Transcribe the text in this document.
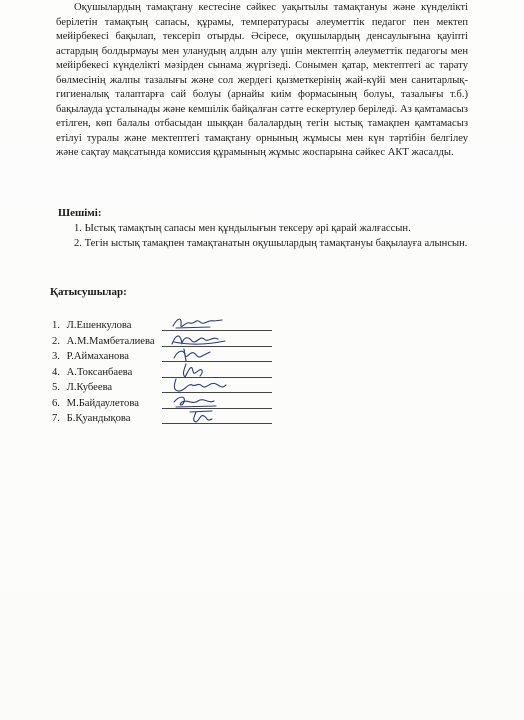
Оқушылардың тамақтану кестесіне сәйкес уақытылы тамақтануы және күнделікті берілетін тамақтың сапасы, құрамы, температурасы әлеуметтік педагог пен мектеп мейірбекесі бақылап, тексеріп отырды. Әсіресе, оқушылардың денсаулығына қауіпті астардың болдырмауы мен уланудың алдын алу үшін мектептің әлеуметтік педагогы мен мейірбекесі күнделікті мәзірден сынама жүргізеді. Сонымен қатар, мектептегі ас тарату бөлмесінің жалпы тазалығы және сол жердегі қызметкерінің жай-күйі мен санитарлық-гигиеналық талаптарға сай болуы (арнайы киім формасының болуы, тазалығы т.б.) бақылауда ұсталынады және кемшілік байқалған сәтте ескертулер беріледі. Аз қамтамасыз етілген, көп балалы отбасыдан шыққан балалардың тегін ыстық тамақпен қамтамасыз етілуі туралы және мектептегі тамақтану орнының жұмысы мен күн тәртібін белгілеу және сақтау мақсатында комиссия құрамының жұмыс жоспарына сәйкес АКТ жасалды.

Шешімі:

1. Ыстық тамақтың сапасы мен құндылығын тексеру әрі қарай жалғассын.
2. Тегін ыстық тамақпен тамақтанатын оқушылардың тамақтануы бақылауға алынсын.

Қатысушылар:

1. Л.Ешенкулова
2. А.М.Мамбеталиева
3. Р.Аймаханова
4. А.Токсанбаева
5. Л.Кубеева
6. М.Байдаулетова
7. Б.Қуандықова
